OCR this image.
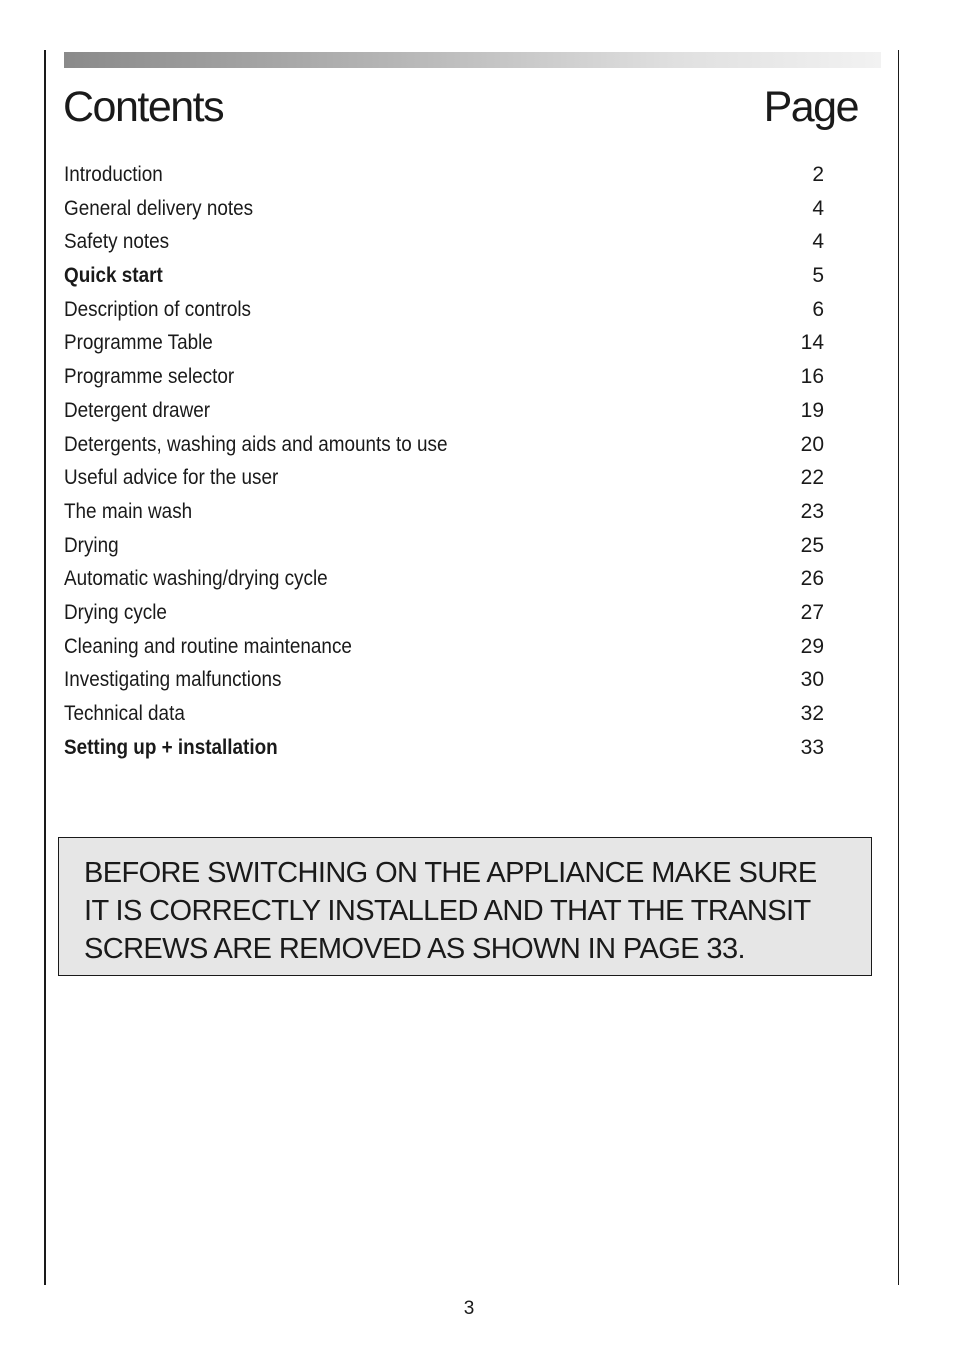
Contents	Page
Introduction	2
General delivery notes	4
Safety notes	4
Quick start	5
Description of controls	6
Programme Table	14
Programme selector	16
Detergent drawer	19
Detergents, washing aids and amounts to use	20
Useful advice for the user	22
The main wash	23
Drying	25
Automatic washing/drying cycle	26
Drying cycle	27
Cleaning and routine maintenance	29
Investigating malfunctions	30
Technical data	32
Setting up + installation	33
BEFORE SWITCHING ON THE APPLIANCE MAKE SURE
IT IS CORRECTLY INSTALLED AND THAT THE TRANSIT
SCREWS ARE REMOVED AS SHOWN IN PAGE 33.
3
